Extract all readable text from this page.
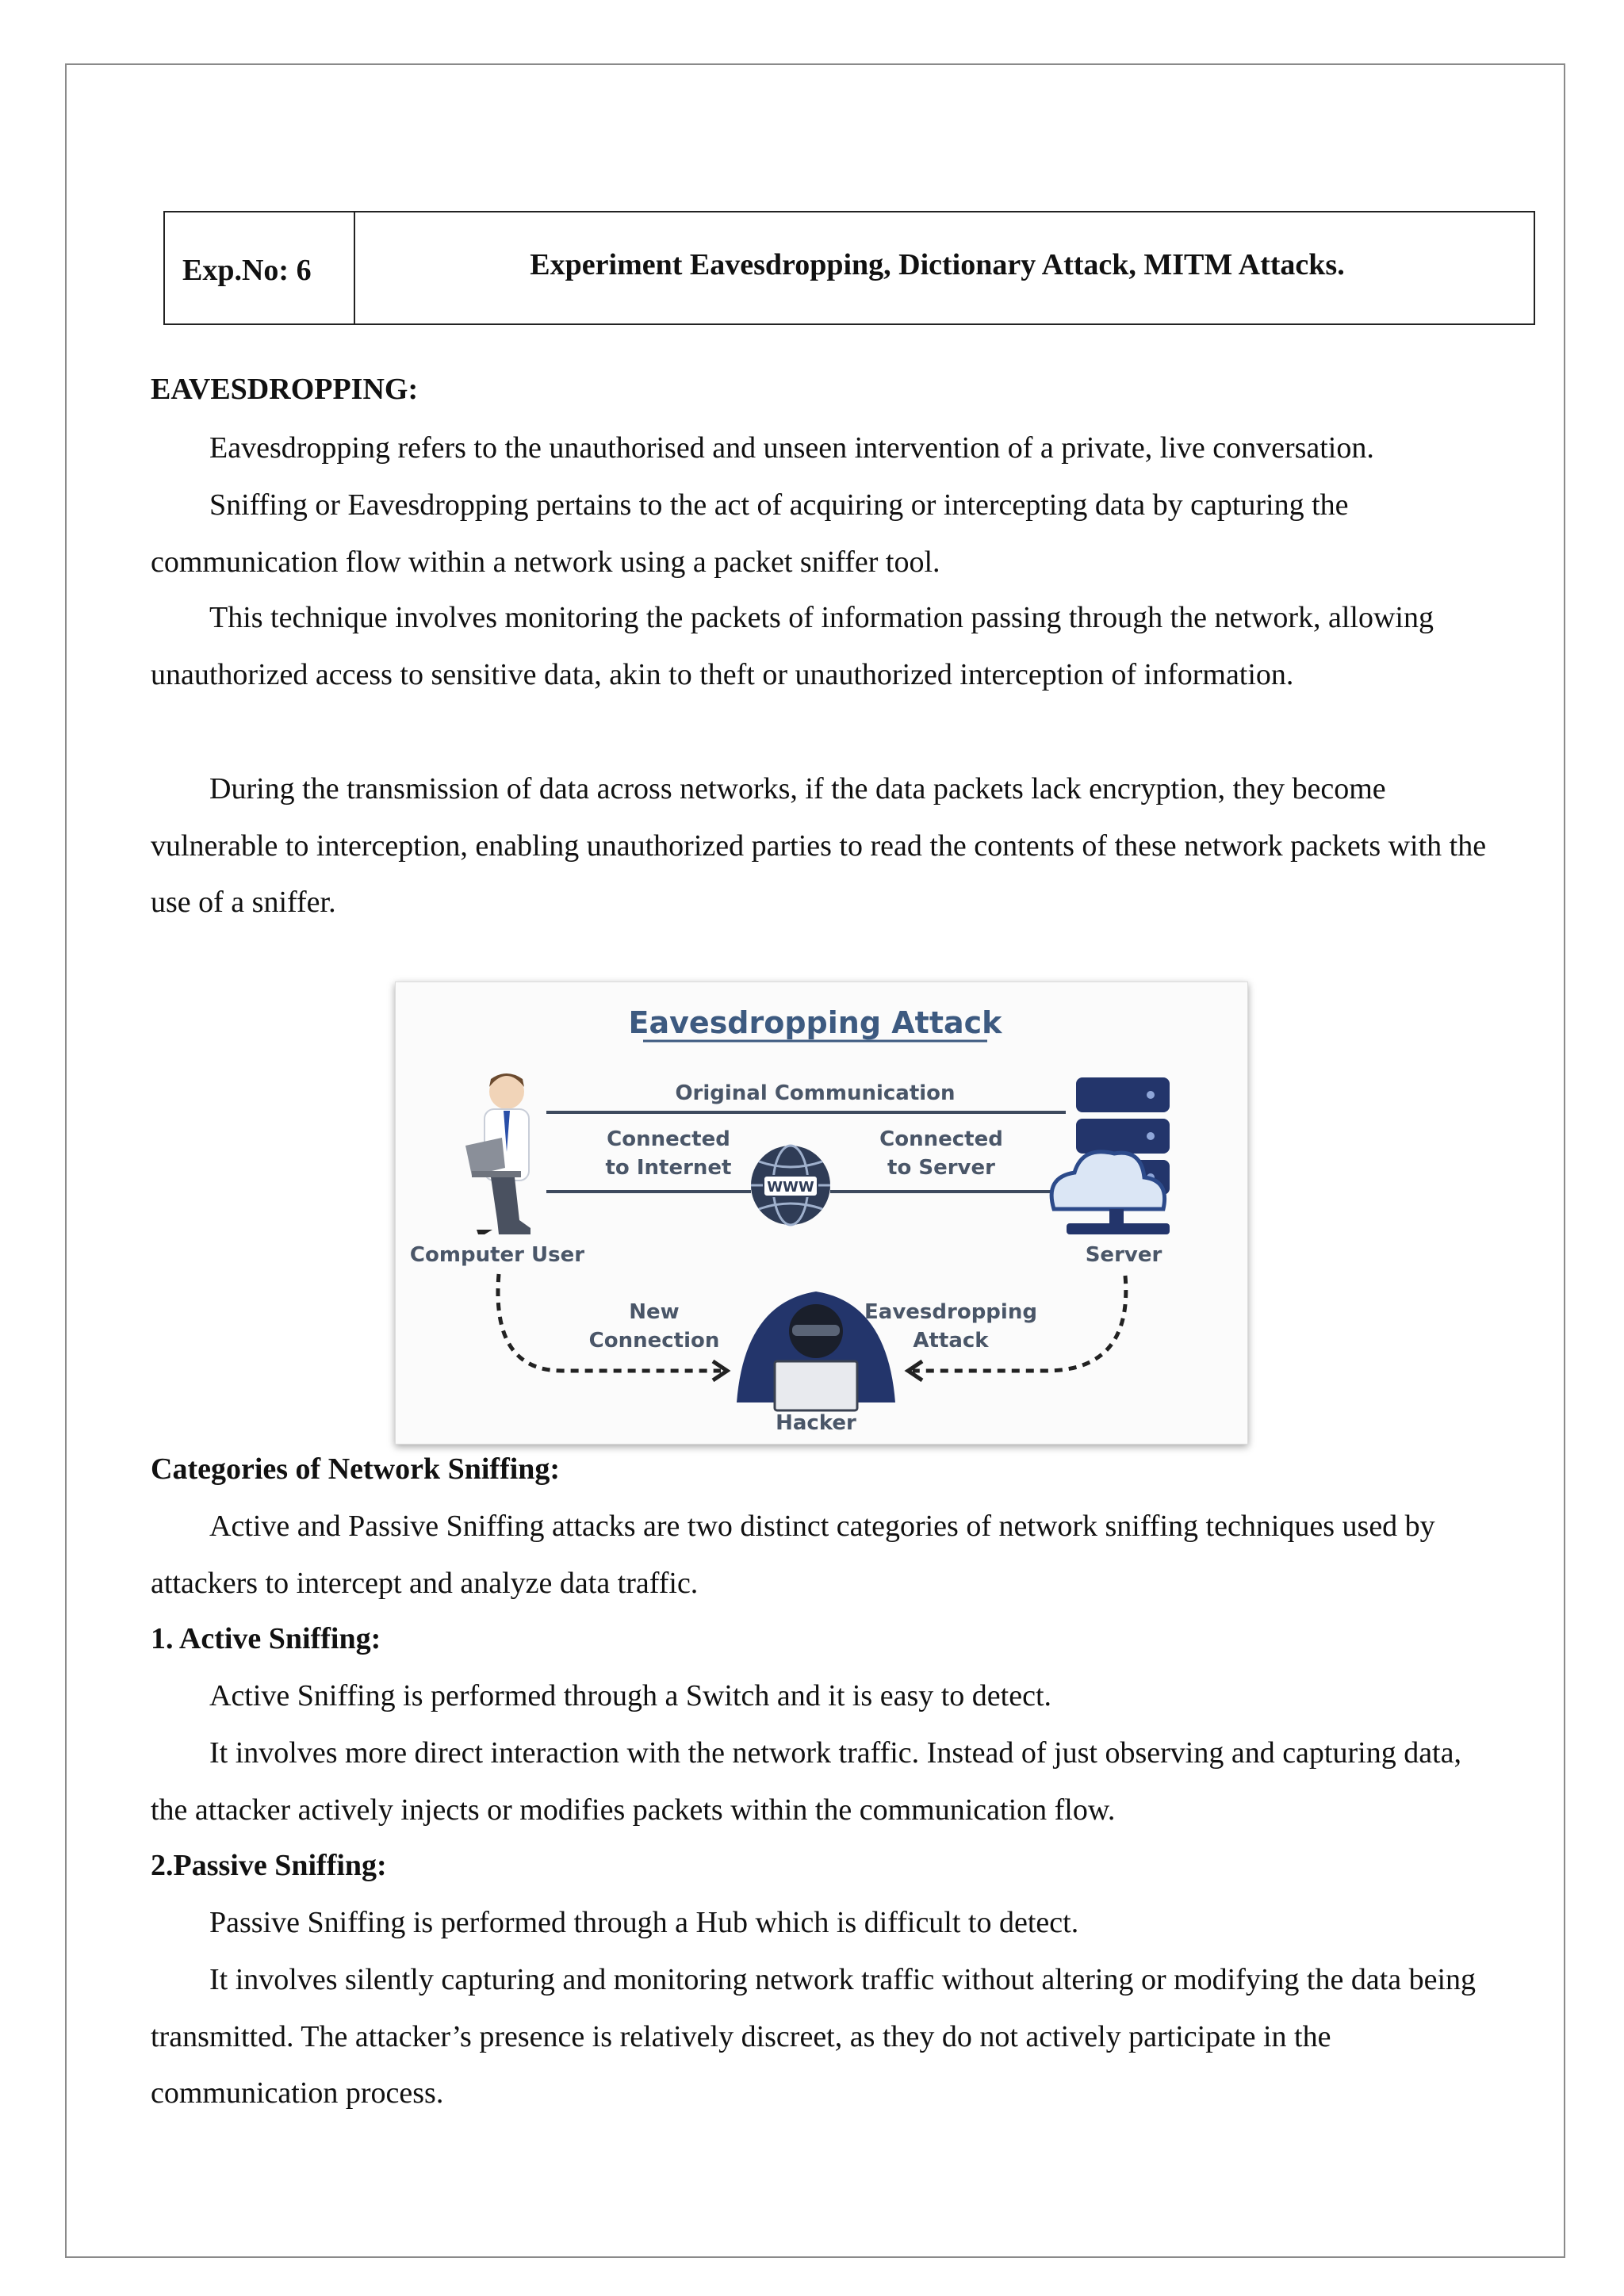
Exp.No: 6	Experiment Eavesdropping, Dictionary Attack, MITM Attacks.
EAVESDROPPING:

Eavesdropping refers to the unauthorised and unseen intervention of a private, live conversation.

Sniffing or Eavesdropping pertains to the act of acquiring or intercepting data by capturing the communication flow within a network using a packet sniffer tool.

This technique involves monitoring the packets of information passing through the network, allowing unauthorized access to sensitive data, akin to theft or unauthorized interception of information.

During the transmission of data across networks, if the data packets lack encryption, they become vulnerable to interception, enabling unauthorized parties to read the contents of these network packets with the use of a sniffer.

Eavesdropping Attack
Original Communication
Connected
to Internet
Connected
to Server
WWW
Computer User	Server
New
Connection
Eavesdropping
Attack
Hacker
Categories of Network Sniffing:

Active and Passive Sniffing attacks are two distinct categories of network sniffing techniques used by attackers to intercept and analyze data traffic.

1. Active Sniffing:

Active Sniffing is performed through a Switch and it is easy to detect.

It involves more direct interaction with the network traffic. Instead of just observing and capturing data, the attacker actively injects or modifies packets within the communication flow.

2.Passive Sniffing:

Passive Sniffing is performed through a Hub which is difficult to detect.

It involves silently capturing and monitoring network traffic without altering or modifying the data being transmitted. The attacker’s presence is relatively discreet, as they do not actively participate in the communication process.
